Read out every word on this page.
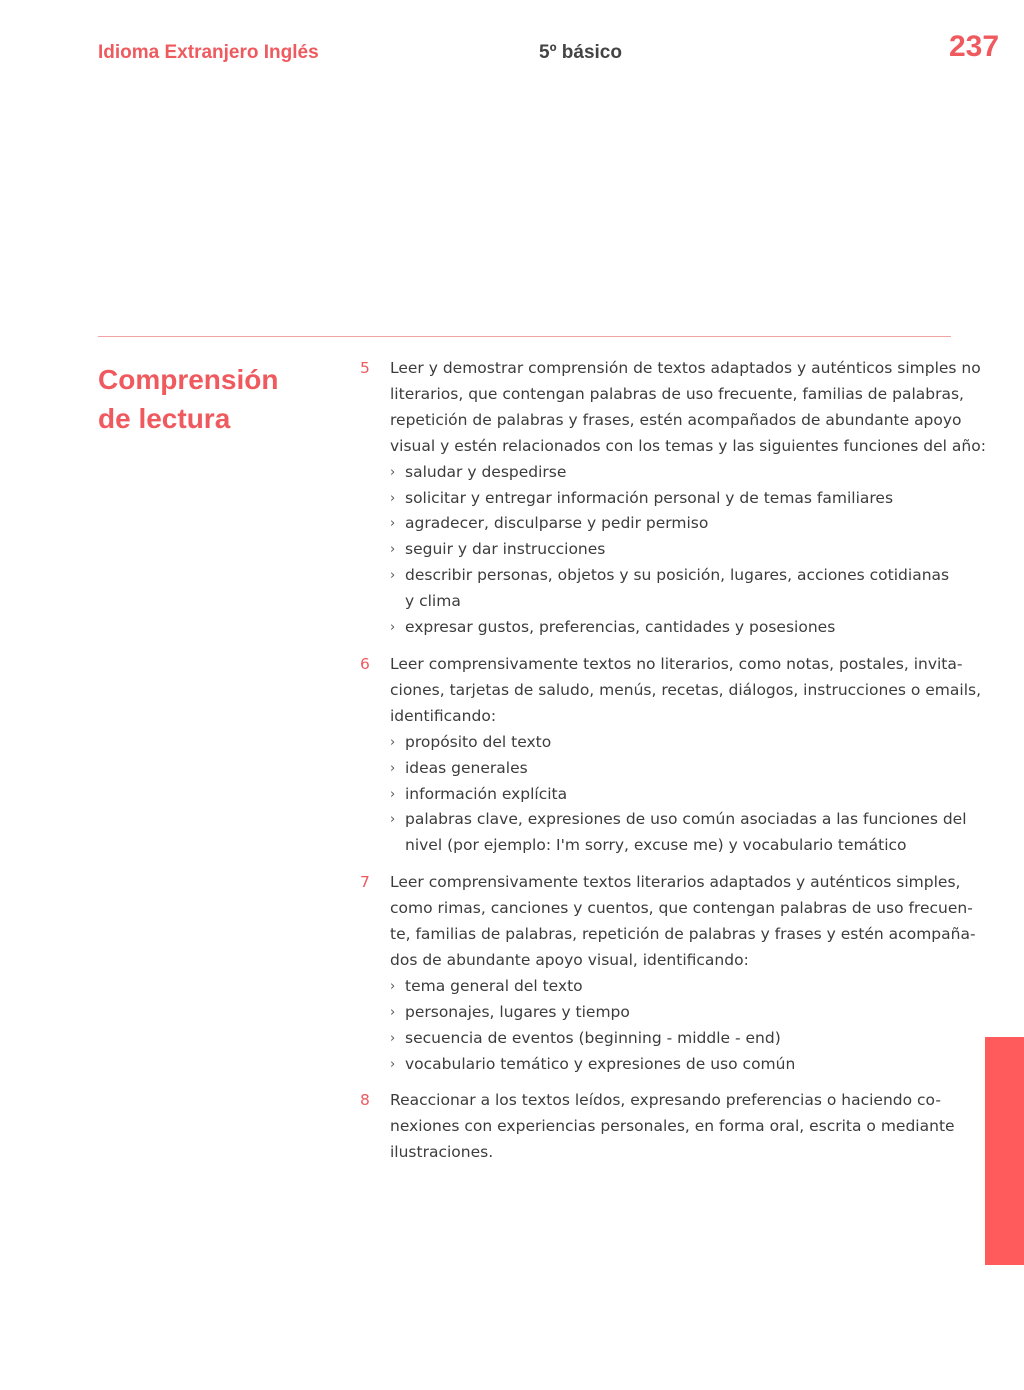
Idioma Extranjero Inglés	5º básico	237
Comprensión
de lectura
5	Leer y demostrar comprensión de textos adaptados y auténticos simples no
literarios, que contengan palabras de uso frecuente, familias de palabras,
repetición de palabras y frases, estén acompañados de abundante apoyo
visual y estén relacionados con los temas y las siguientes funciones del año:
› saludar y despedirse
› solicitar y entregar información personal y de temas familiares
› agradecer, disculparse y pedir permiso
› seguir y dar instrucciones
› describir personas, objetos y su posición, lugares, acciones cotidianas
y clima
› expresar gustos, preferencias, cantidades y posesiones
6	Leer comprensivamente textos no literarios, como notas, postales, invita-
ciones, tarjetas de saludo, menús, recetas, diálogos, instrucciones o emails,
identificando:
› propósito del texto
› ideas generales
› información explícita
› palabras clave, expresiones de uso común asociadas a las funciones del
nivel (por ejemplo: I'm sorry, excuse me) y vocabulario temático
7	Leer comprensivamente textos literarios adaptados y auténticos simples,
como rimas, canciones y cuentos, que contengan palabras de uso frecuen-
te, familias de palabras, repetición de palabras y frases y estén acompaña-
dos de abundante apoyo visual, identificando:
› tema general del texto
› personajes, lugares y tiempo
› secuencia de eventos (beginning - middle - end)
› vocabulario temático y expresiones de uso común
8	Reaccionar a los textos leídos, expresando preferencias o haciendo co-
nexiones con experiencias personales, en forma oral, escrita o mediante
ilustraciones.
